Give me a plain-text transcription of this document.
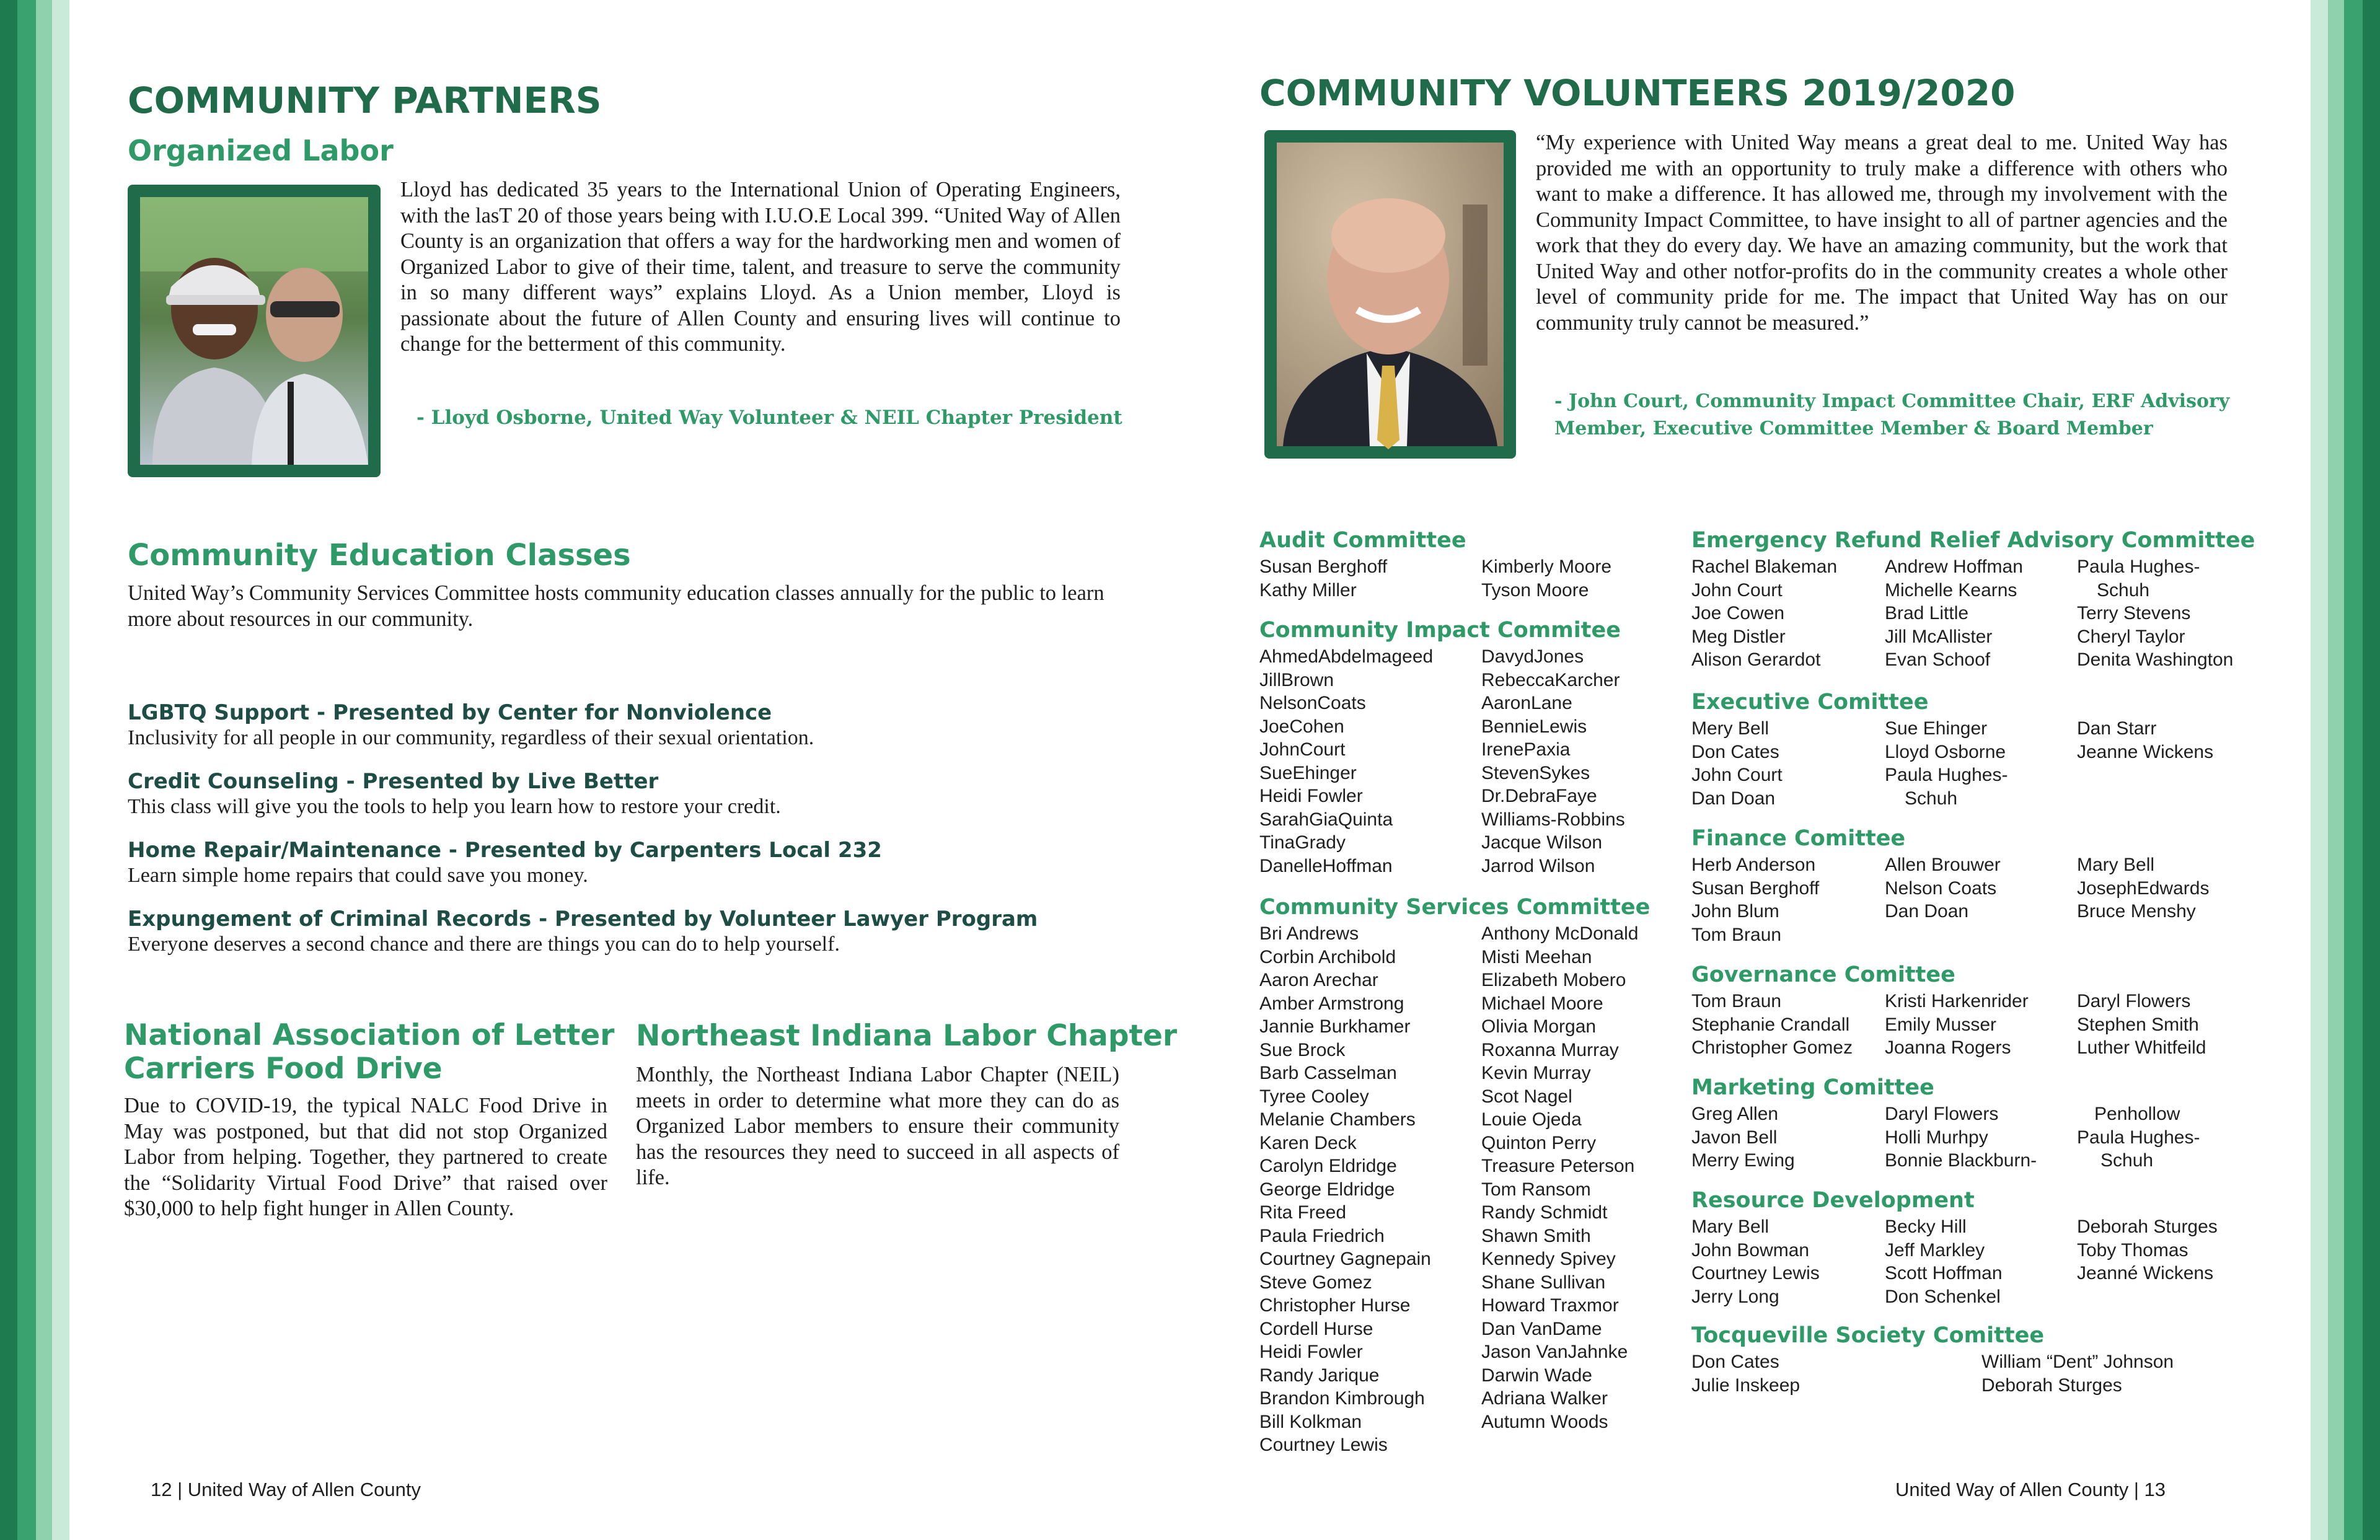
COMMUNITY PARTNERS
Organized Labor
Lloyd has dedicated 35 years to the International Union of Operating Engineers, with the lasT 20 of those years being with I.U.O.E Local 399. “United Way of Allen County is an organization that offers a way for the hardworking men and women of Organized Labor to give of their time, talent, and treasure to serve the community in so many different ways” explains Lloyd. As a Union member, Lloyd is passionate about the future of Allen County and ensuring lives will continue to change for the betterment of this community.
- Lloyd Osborne, United Way Volunteer & NEIL Chapter President
Community Education Classes
United Way’s Community Services Committee hosts community education classes annually for the public to learn more about resources in our community.
LGBTQ Support - Presented by Center for Nonviolence
Inclusivity for all people in our community, regardless of their sexual orientation.
Credit Counseling - Presented by Live Better
This class will give you the tools to help you learn how to restore your credit.
Home Repair/Maintenance - Presented by Carpenters Local 232
Learn simple home repairs that could save you money.
Expungement of Criminal Records - Presented by Volunteer Lawyer Program
Everyone deserves a second chance and there are things you can do to help yourself.
National Association of Letter
Carriers Food Drive
Due to COVID-19, the typical NALC Food Drive in May was postponed, but that did not stop Organized Labor from helping. Together, they partnered to create the “Solidarity Virtual Food Drive” that raised over $30,000 to help fight hunger in Allen County.
Northeast Indiana Labor Chapter
Monthly, the Northeast Indiana Labor Chapter (NEIL) meets in order to determine what more they can do as Organized Labor members to ensure their community has the resources they need to succeed in all aspects of life.
12 | United Way of Allen County
COMMUNITY VOLUNTEERS 2019/2020
“My experience with United Way means a great deal to me. United Way has provided me with an opportunity to truly make a difference with others who want to make a difference. It has allowed me, through my involvement with the Community Impact Committee, to have insight to all of partner agencies and the work that they do every day. We have an amazing community, but the work that United Way and other notfor-profits do in the community creates a whole other level of community pride for me. The impact that United Way has on our community truly cannot be measured.”
- John Court, Community Impact Committee Chair, ERF Advisory
Member, Executive Committee Member & Board Member
Audit Committee
Susan Berghoff
Kathy Miller
Kimberly Moore
Tyson Moore
Community Impact Commitee
AhmedAbdelmageed
JillBrown
NelsonCoats
JoeCohen
JohnCourt
SueEhinger
Heidi Fowler
SarahGiaQuinta
TinaGrady
DanelleHoffman
DavydJones
RebeccaKarcher
AaronLane
BennieLewis
IrenePaxia
StevenSykes
Dr.DebraFaye
Williams-Robbins
Jacque Wilson
Jarrod Wilson
Community Services Committee
Bri Andrews
Corbin Archibold
Aaron Arechar
Amber Armstrong
Jannie Burkhamer
Sue Brock
Barb Casselman
Tyree Cooley
Melanie Chambers
Karen Deck
Carolyn Eldridge
George Eldridge
Rita Freed
Paula Friedrich
Courtney Gagnepain
Steve Gomez
Christopher Hurse
Cordell Hurse
Heidi Fowler
Randy Jarique
Brandon Kimbrough
Bill Kolkman
Courtney Lewis
Anthony McDonald
Misti Meehan
Elizabeth Mobero
Michael Moore
Olivia Morgan
Roxanna Murray
Kevin Murray
Scot Nagel
Louie Ojeda
Quinton Perry
Treasure Peterson
Tom Ransom
Randy Schmidt
Shawn Smith
Kennedy Spivey
Shane Sullivan
Howard Traxmor
Dan VanDame
Jason VanJahnke
Darwin Wade
Adriana Walker
Autumn Woods
Emergency Refund Relief Advisory Committee
Rachel Blakeman
John Court
Joe Cowen
Meg Distler
Alison Gerardot
Andrew Hoffman
Michelle Kearns
Brad Little
Jill McAllister
Evan Schoof
Paula Hughes-
Schuh
Terry Stevens
Cheryl Taylor
Denita Washington
Executive Comittee
Mery Bell
Don Cates
John Court
Dan Doan
Sue Ehinger
Lloyd Osborne
Paula Hughes-
Schuh
Dan Starr
Jeanne Wickens
Finance Comittee
Herb Anderson
Susan Berghoff
John Blum
Tom Braun
Allen Brouwer
Nelson Coats
Dan Doan
Mary Bell
JosephEdwards
Bruce Menshy
Governance Comittee
Tom Braun
Stephanie Crandall
Christopher Gomez
Kristi Harkenrider
Emily Musser
Joanna Rogers
Daryl Flowers
Stephen Smith
Luther Whitfeild
Marketing Comittee
Greg Allen
Javon Bell
Merry Ewing
Daryl Flowers
Holli Murhpy
Bonnie Blackburn-
Penhollow
Paula Hughes-
Schuh
Resource Development
Mary Bell
John Bowman
Courtney Lewis
Jerry Long
Becky Hill
Jeff Markley
Scott Hoffman
Don Schenkel
Deborah Sturges
Toby Thomas
Jeanné Wickens
Tocqueville Society Comittee
Don Cates
Julie Inskeep
William “Dent” Johnson
Deborah Sturges
United Way of Allen County | 13
